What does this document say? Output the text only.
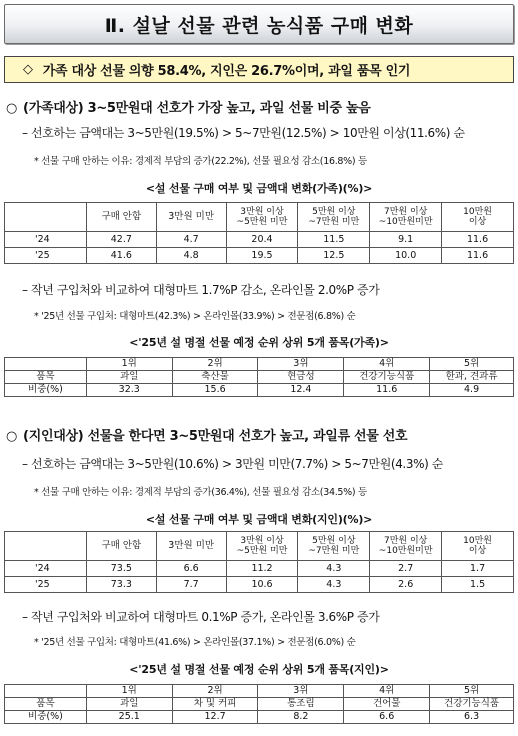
Ⅱ. 설날 선물 관련 농식품 구매 변화
◇ 가족 대상 선물 의향 58.4%, 지인은 26.7%이며, 과일 품목 인기
○ (가족대상) 3~5만원대 선호가 가장 높고, 과일 선물 비중 높음
– 선호하는 금액대는 3~5만원(19.5%) > 5~7만원(12.5%) > 10만원 이상(11.6%) 순
* 선물 구매 안하는 이유: 경제적 부담의 증가(22.2%), 선물 필요성 감소(16.8%) 등
<설 선물 구매 여부 및 금액대 변화(가족)(%)>
	구매 안함	3만원 미만	3만원 이상
~5만원 미만	5만원 이상
~7만원 미만	7만원 이상
~10만원미만	10만원
이상
'24	42.7	4.7	20.4	11.5	9.1	11.6
'25	41.6	4.8	19.5	12.5	10.0	11.6
– 작년 구입처와 비교하여 대형마트 1.7%P 감소, 온라인몰 2.0%P 증가
* '25년 선물 구입처: 대형마트(42.3%) > 온라인몰(33.9%) > 전문점(6.8%) 순
<'25년 설 명절 선물 예정 순위 상위 5개 품목(가족)>
	1위	2위	3위	4위	5위
품목	과일	축산물	현금성	건강기능식품	한과, 견과류
비중(%)	32.3	15.6	12.4	11.6	4.9
○ (지인대상) 선물을 한다면 3~5만원대 선호가 높고, 과일류 선물 선호
– 선호하는 금액대는 3~5만원(10.6%) > 3만원 미만(7.7%) > 5~7만원(4.3%) 순
* 선물 구매 안하는 이유: 경제적 부담의 증가(36.4%), 선물 필요성 감소(34.5%) 등
<설 선물 구매 여부 및 금액대 변화(지인)(%)>
	구매 안함	3만원 미만	3만원 이상
~5만원 미만	5만원 이상
~7만원 미만	7만원 이상
~10만원미만	10만원
이상
'24	73.5	6.6	11.2	4.3	2.7	1.7
'25	73.3	7.7	10.6	4.3	2.6	1.5
– 작년 구입처와 비교하여 대형마트 0.1%P 증가, 온라인몰 3.6%P 증가
* '25년 선물 구입처: 대형마트(41.6%) > 온라인몰(37.1%) > 전문점(6.0%) 순
<'25년 설 명절 선물 예정 순위 상위 5개 품목(지인)>
	1위	2위	3위	4위	5위
품목	과일	차 및 커피	통조림	건어물	건강기능식품
비중(%)	25.1	12.7	8.2	6.6	6.3
